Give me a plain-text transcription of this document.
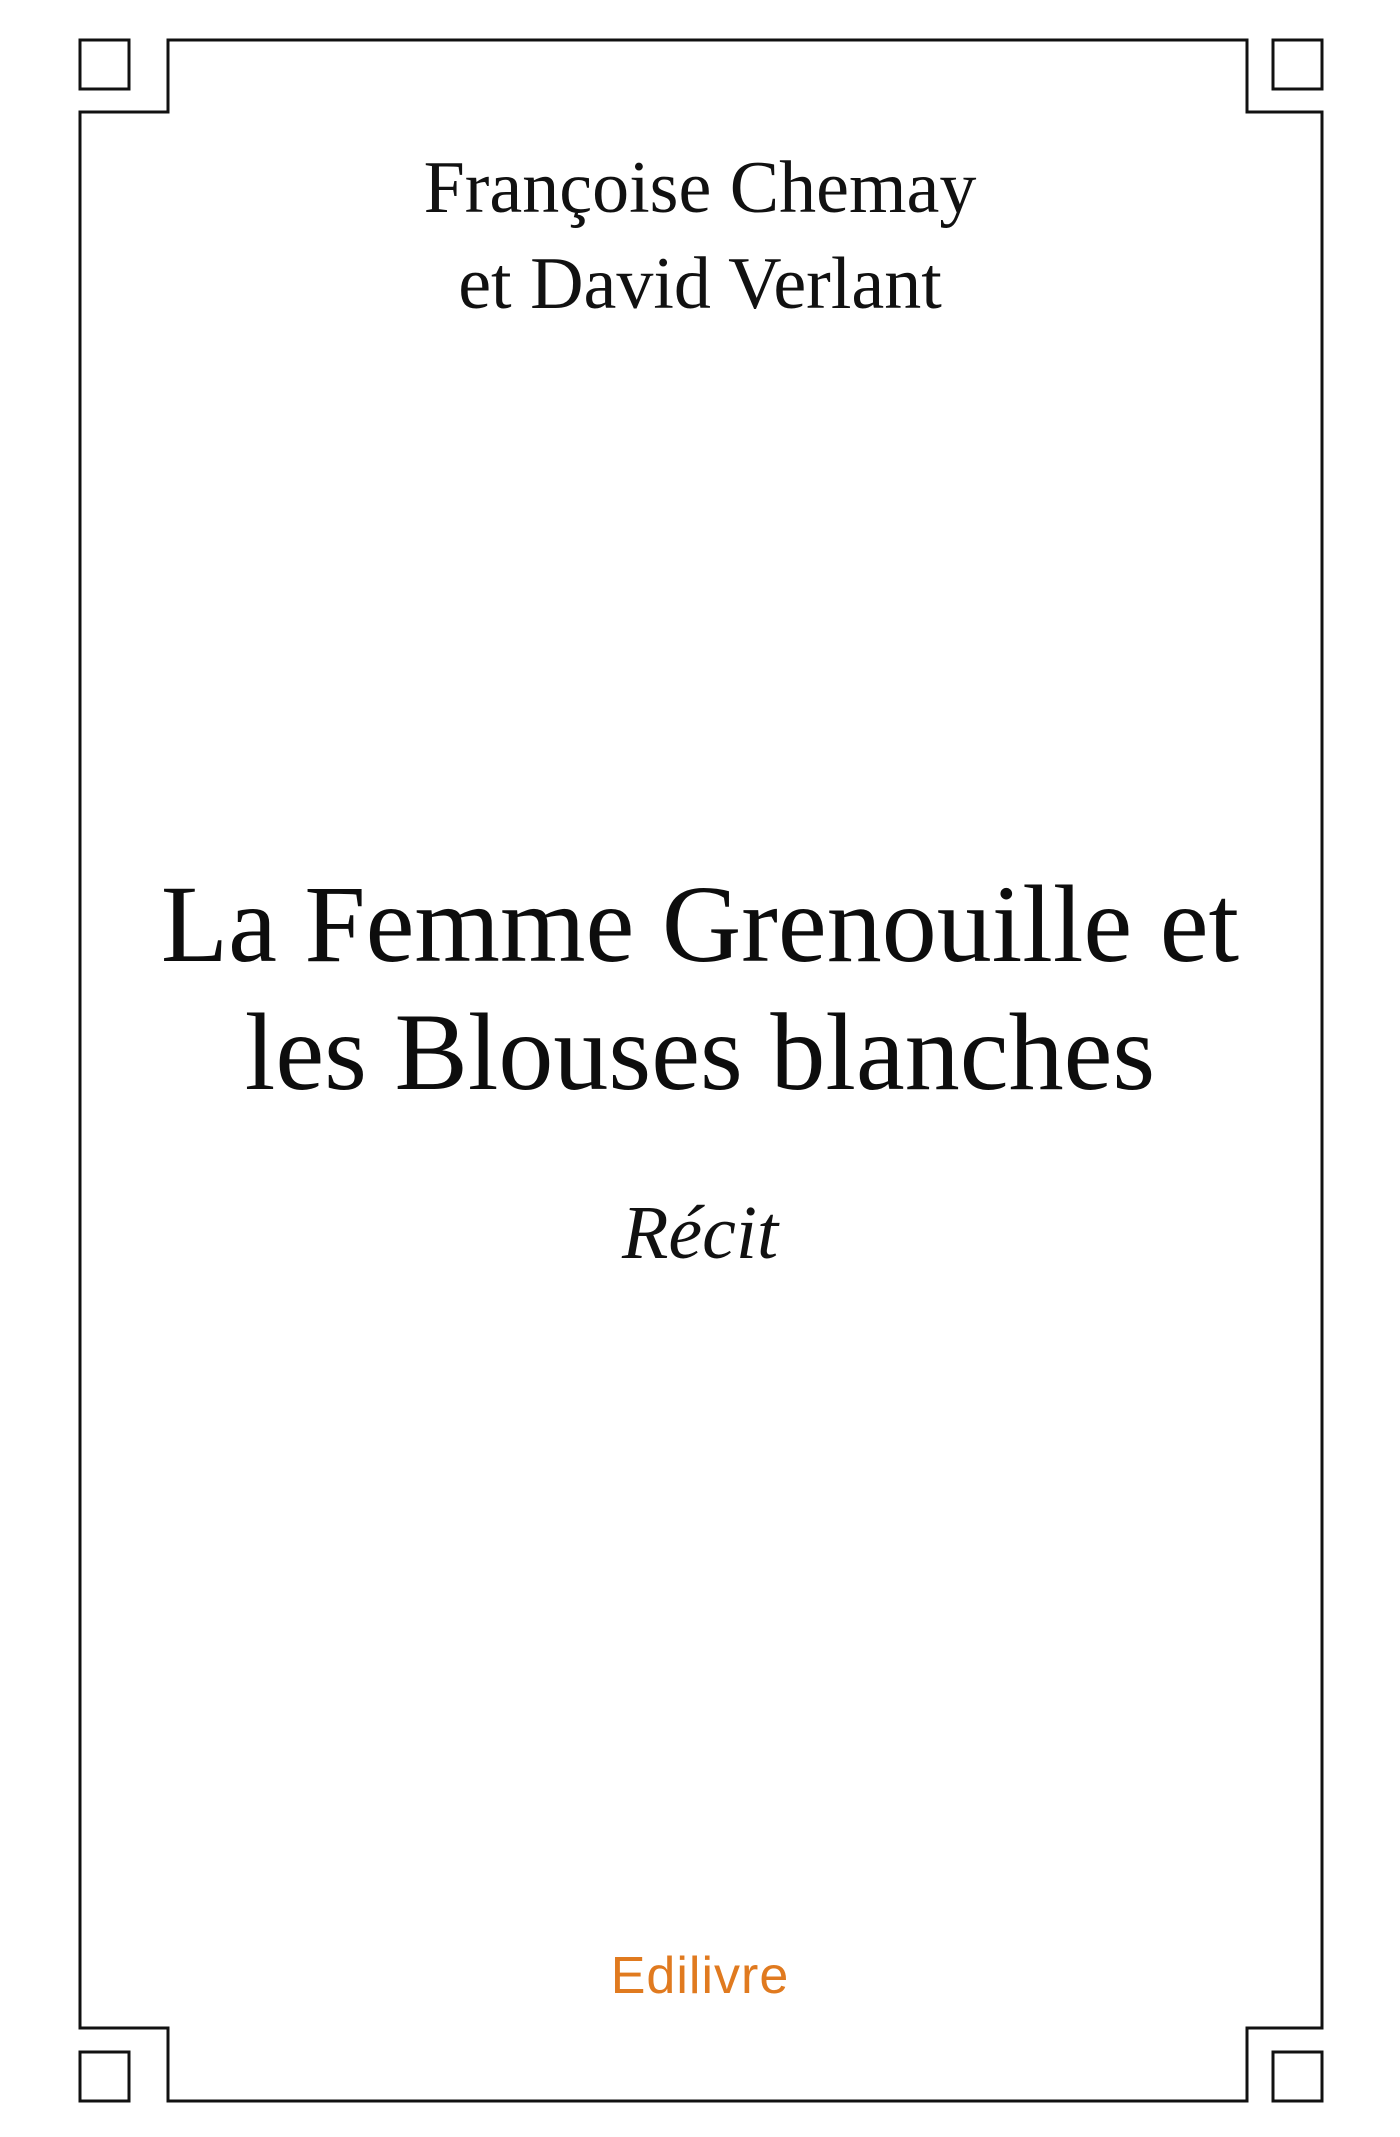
Françoise Chemay
et David Verlant
La Femme Grenouille et
les Blouses blanches
Récit
Edilivre
